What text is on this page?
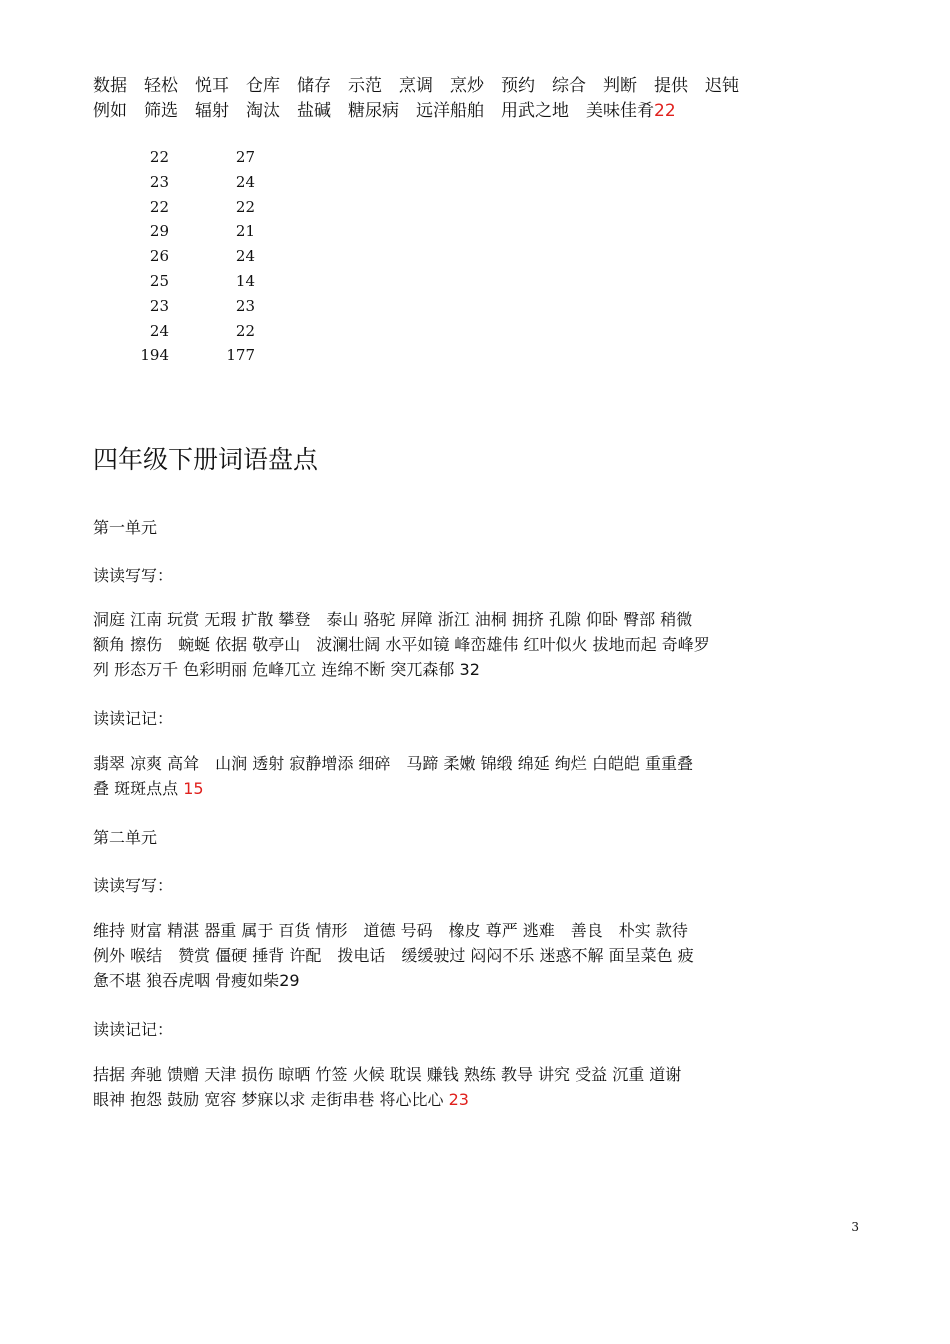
数据　轻松　悦耳　仓库　储存　示范　烹调　烹炒　预约　综合　判断　提供　迟钝
例如　筛选　辐射　淘汰　盐碱　糖尿病　远洋船舶　用武之地　美味佳肴22
22	27
23	24
22	22
29	21
26	24
25	14
23	23
24	22
194	177
四年级下册词语盘点
第一单元
读读写写：
洞庭 江南 玩赏 无瑕 扩散 攀登　泰山 骆驼 屏障 浙江 油桐 拥挤 孔隙 仰卧 臀部 稍微
额角 擦伤　蜿蜒 依据 敬亭山　波澜壮阔 水平如镜 峰峦雄伟 红叶似火 拔地而起 奇峰罗
列 形态万千 色彩明丽 危峰兀立 连绵不断 突兀森郁 32
读读记记：
翡翠 凉爽 高耸　山涧 透射 寂静增添 细碎　马蹄 柔嫩 锦缎 绵延 绚烂 白皑皑 重重叠
叠 斑斑点点 15
第二单元
读读写写：
维持 财富 精湛 器重 属于 百货 情形　道德 号码　橡皮 尊严 逃难　善良　朴实 款待
例外 喉结　赞赏 僵硬 捶背 许配　拨电话　缓缓驶过 闷闷不乐 迷惑不解 面呈菜色 疲
惫不堪 狼吞虎咽 骨瘦如柴29
读读记记：
拮据 奔驰 馈赠 天津 损伤 晾晒 竹签 火候 耽误 赚钱 熟练 教导 讲究 受益 沉重 道谢
眼神 抱怨 鼓励 宽容 梦寐以求 走街串巷 将心比心 23
3
